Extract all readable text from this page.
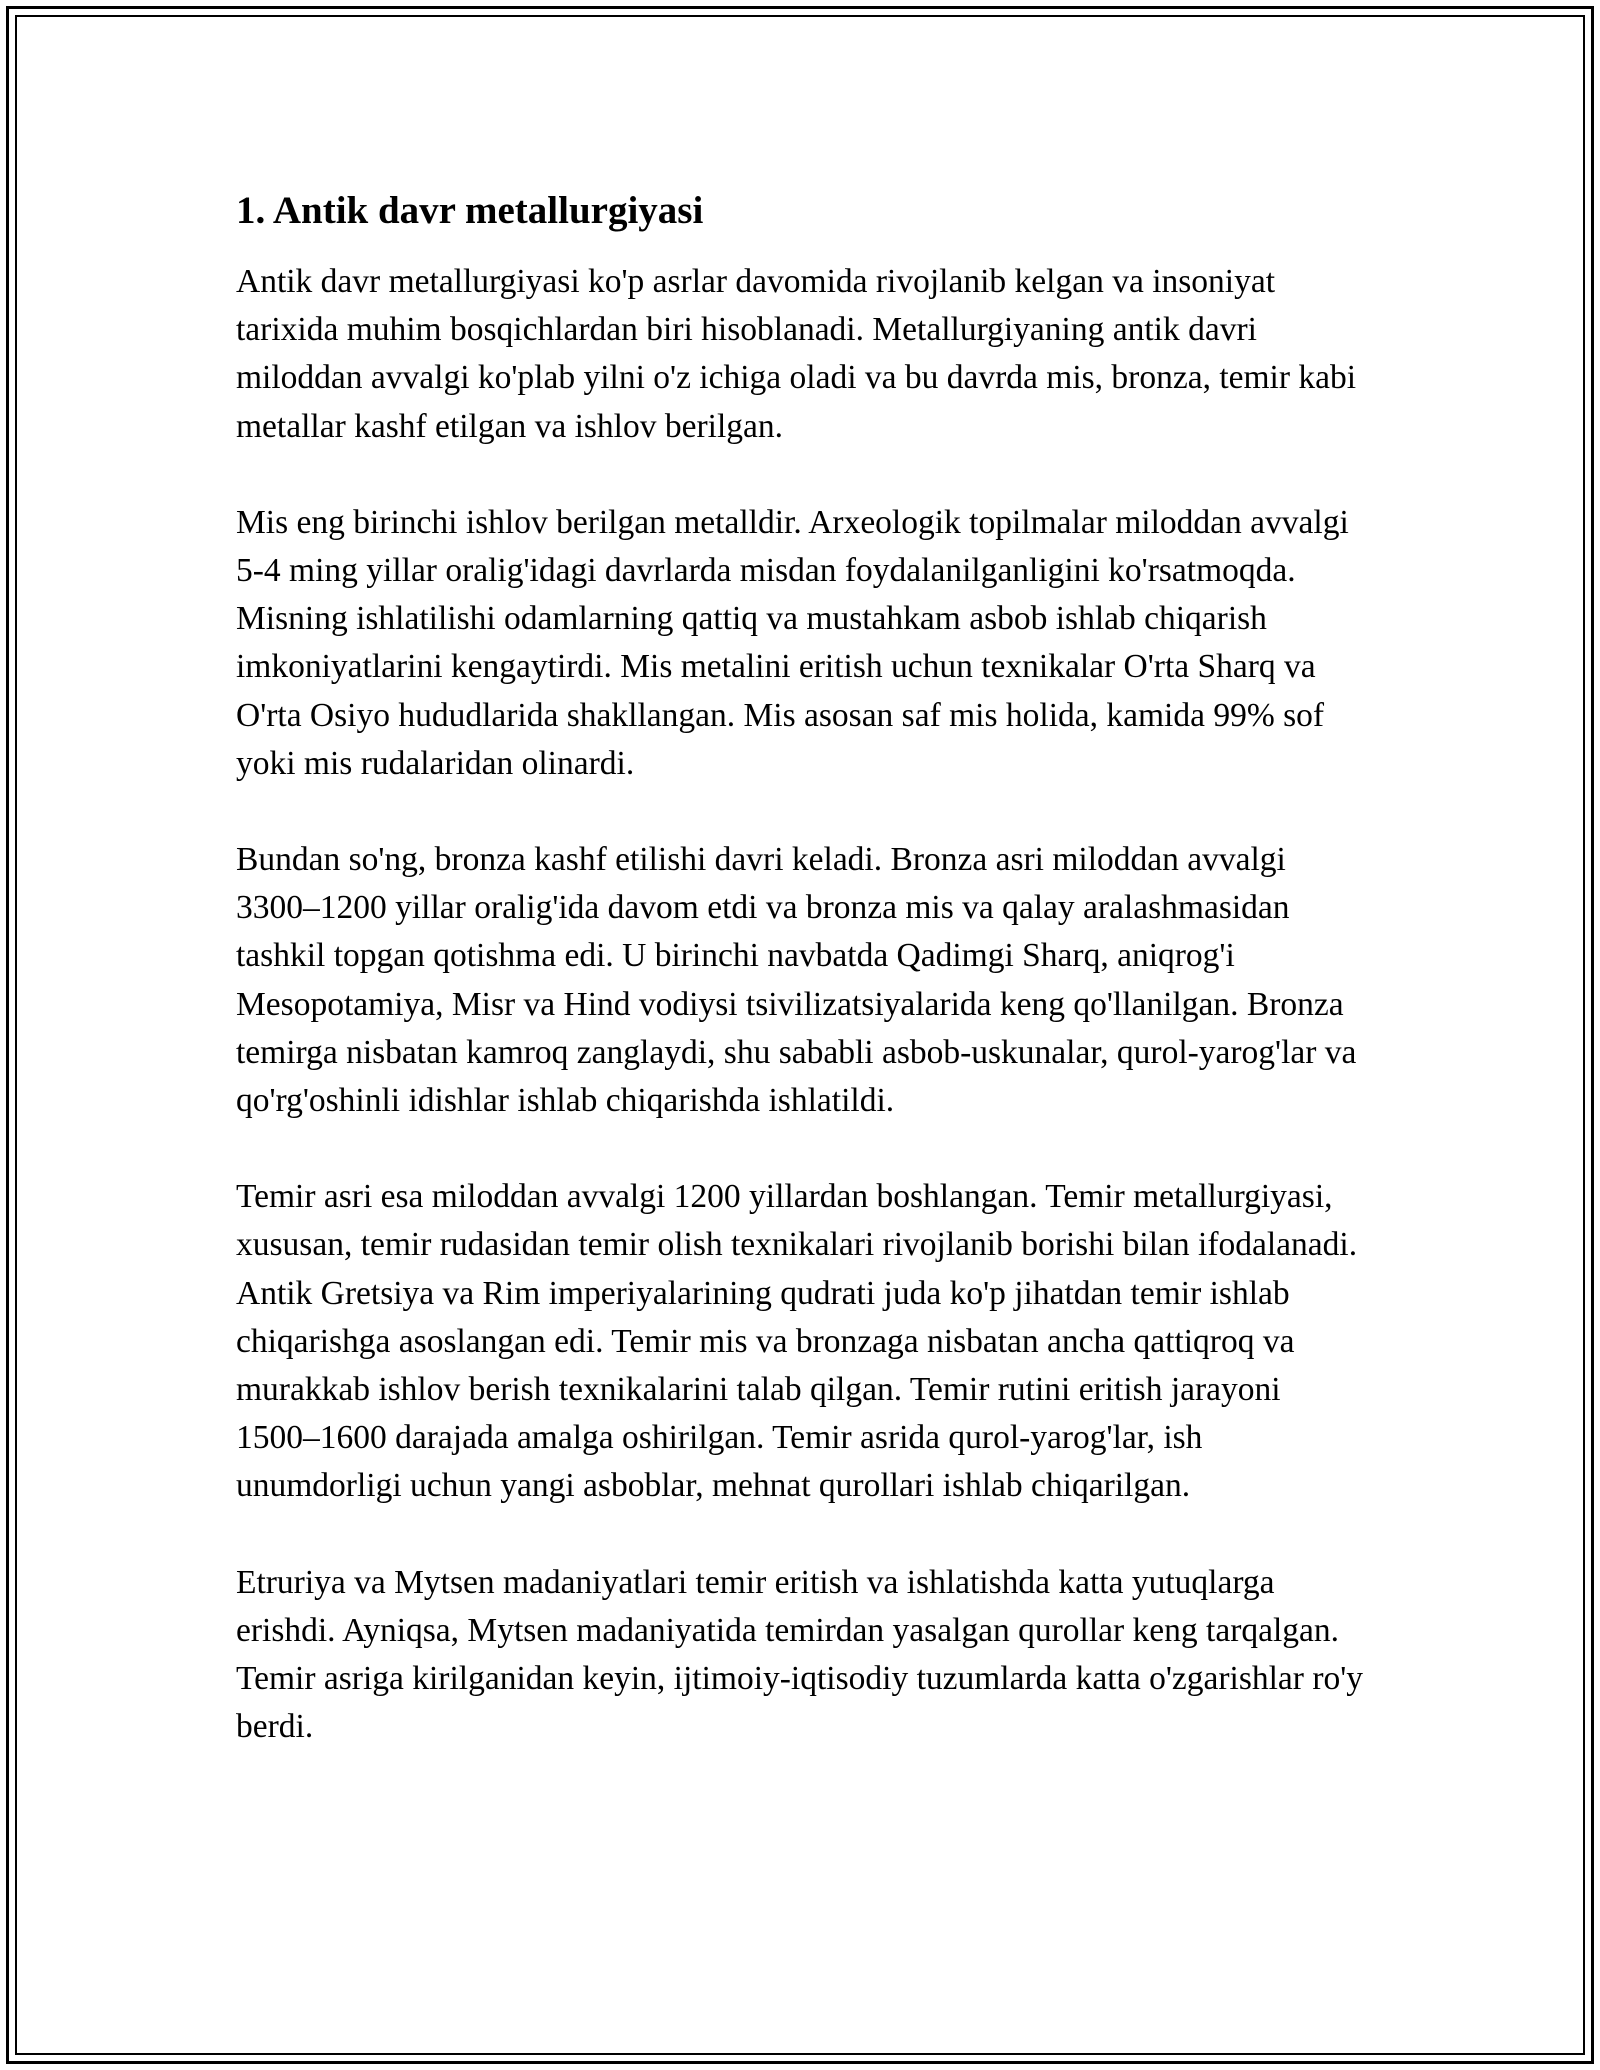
1. Antik davr metallurgiyasi

Antik davr metallurgiyasi ko'p asrlar davomida rivojlanib kelgan va insoniyat tarixida muhim bosqichlardan biri hisoblanadi. Metallurgiyaning antik davri miloddan avvalgi ko'plab yilni o'z ichiga oladi va bu davrda mis, bronza, temir kabi metallar kashf etilgan va ishlov berilgan.

Mis eng birinchi ishlov berilgan metalldir. Arxeologik topilmalar miloddan avvalgi 5-4 ming yillar oralig'idagi davrlarda misdan foydalanilganligini ko'rsatmoqda. Misning ishlatilishi odamlarning qattiq va mustahkam asbob ishlab chiqarish imkoniyatlarini kengaytirdi. Mis metalini eritish uchun texnikalar O'rta Sharq va O'rta Osiyo hududlarida shakllangan. Mis asosan saf mis holida, kamida 99% sof yoki mis rudalaridan olinardi.

Bundan so'ng, bronza kashf etilishi davri keladi. Bronza asri miloddan avvalgi 3300–1200 yillar oralig'ida davom etdi va bronza mis va qalay aralashmasidan tashkil topgan qotishma edi. U birinchi navbatda Qadimgi Sharq, aniqrog'i Mesopotamiya, Misr va Hind vodiysi tsivilizatsiyalarida keng qo'llanilgan. Bronza temirga nisbatan kamroq zanglaydi, shu sababli asbob-uskunalar, qurol-yarog'lar va qo'rg'oshinli idishlar ishlab chiqarishda ishlatildi.

Temir asri esa miloddan avvalgi 1200 yillardan boshlangan. Temir metallurgiyasi, xususan, temir rudasidan temir olish texnikalari rivojlanib borishi bilan ifodalanadi. Antik Gretsiya va Rim imperiyalarining qudrati juda ko'p jihatdan temir ishlab chiqarishga asoslangan edi. Temir mis va bronzaga nisbatan ancha qattiqroq va murakkab ishlov berish texnikalarini talab qilgan. Temir rutini eritish jarayoni 1500–1600 darajada amalga oshirilgan. Temir asrida qurol-yarog'lar, ish unumdorligi uchun yangi asboblar, mehnat qurollari ishlab chiqarilgan.

Etruriya va Mytsen madaniyatlari temir eritish va ishlatishda katta yutuqlarga erishdi. Ayniqsa, Mytsen madaniyatida temirdan yasalgan qurollar keng tarqalgan. Temir asriga kirilganidan keyin, ijtimoiy-iqtisodiy tuzumlarda katta o'zgarishlar ro'y berdi.
